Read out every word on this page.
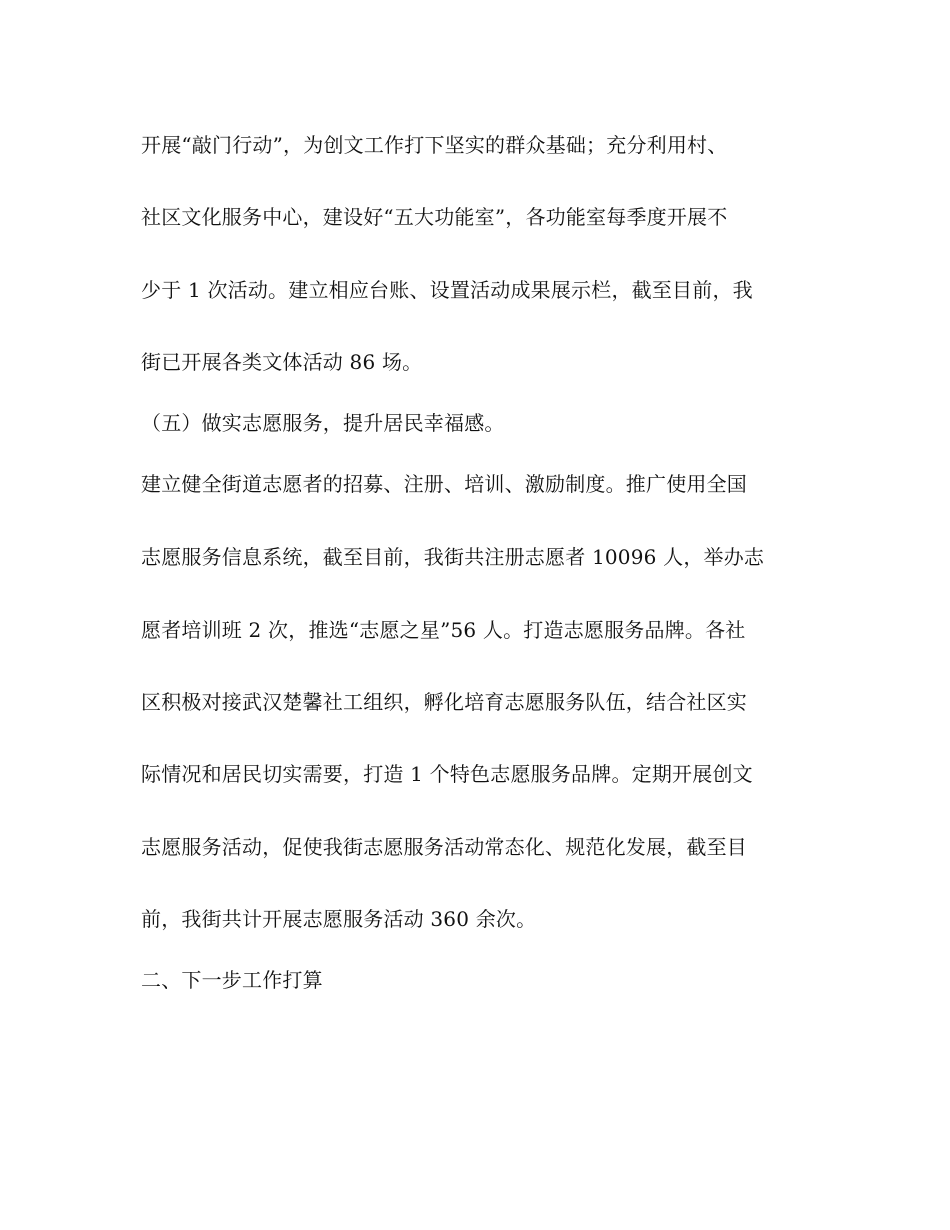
开展“敲门行动”，为创文工作打下坚实的群众基础；充分利用村、
社区文化服务中心，建设好“五大功能室”，各功能室每季度开展不
少于 1 次活动。建立相应台账、设置活动成果展示栏，截至目前，我
街已开展各类文体活动 86 场。
（五）做实志愿服务，提升居民幸福感。
建立健全街道志愿者的招募、注册、培训、激励制度。推广使用全国
志愿服务信息系统，截至目前，我街共注册志愿者 10096 人，举办志
愿者培训班 2 次，推选“志愿之星”56 人。打造志愿服务品牌。各社
区积极对接武汉楚馨社工组织，孵化培育志愿服务队伍，结合社区实
际情况和居民切实需要，打造 1 个特色志愿服务品牌。定期开展创文
志愿服务活动，促使我街志愿服务活动常态化、规范化发展，截至目
前，我街共计开展志愿服务活动 360 余次。
二、下一步工作打算
